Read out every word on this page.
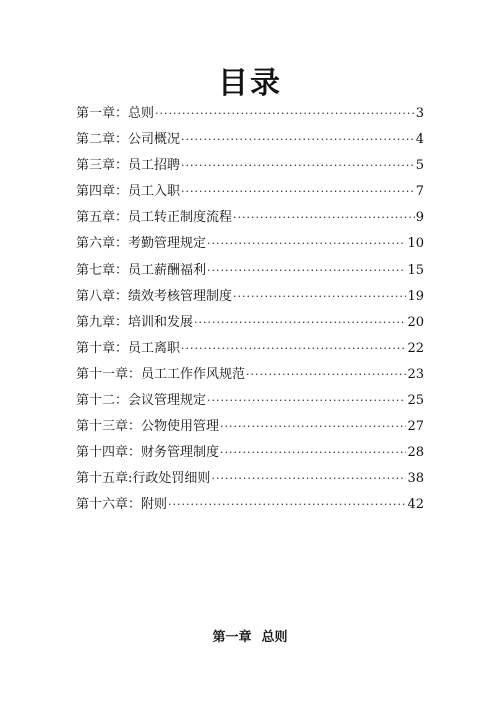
目录
第一章 ： 总则 ·····	3
第二章 ： 公司概况 ·····	4
第三章 ： 员工招聘 ·····	5
第四章 ： 员工入职 ·····	7
第五章 ： 员工转正制度流程 ·····	9
第六章 ： 考勤管理规定 ·····	10
第七章 ： 员工薪酬福利 ·····	15
第八章 ： 绩效考核管理制度 ·····	19
第九章 ： 培训和发展 ·····	20
第十章 ： 员工离职 ·····	22
第十一章 ： 员工工作作风规范 ·····	23
第十二 ： 会议管理规定 ·····	25
第十三章 ： 公物使用管理 ·····	27
第十四章 ： 财务管理制度 ·····	28
第十五章 : 行政处罚细则 ·····	38
第十六章 ： 附则 ·····	42
第一章 总则
